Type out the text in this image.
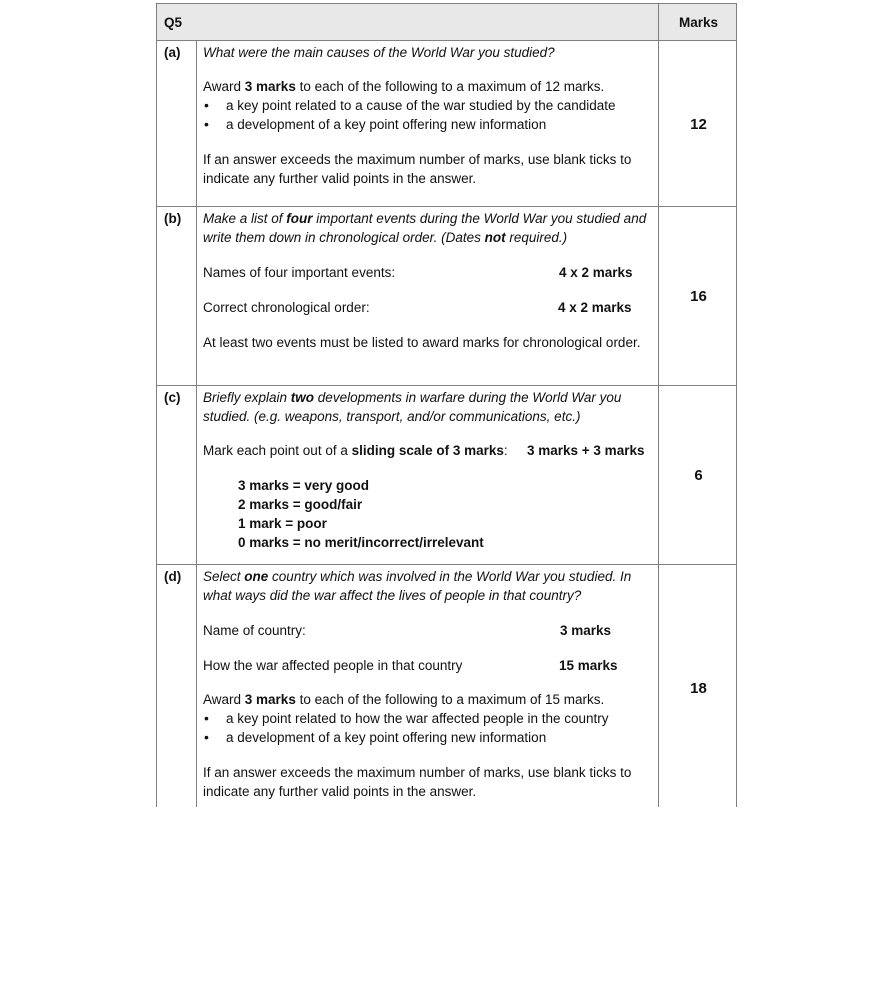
Q5	Marks
(a) What were the main causes of the World War you studied?

Award 3 marks to each of the following to a maximum of 12 marks.

• a key point related to a cause of the war studied by the candidate

• a development of a key point offering new information

If an answer exceeds the maximum number of marks, use blank ticks to indicate any further valid points in the answer.

12
(b) Make a list of four important events during the World War you studied and write them down in chronological order. (Dates not required.)

Names of four important events:	4 x 2 marks
Correct chronological order:	4 x 2 marks

At least two events must be listed to award marks for chronological order.

16
(c) Briefly explain two developments in warfare during the World War you studied. (e.g. weapons, transport, and/or communications, etc.)

Mark each point out of a sliding scale of 3 marks: 3 marks + 3 marks

3 marks = very good

2 marks = good/fair

1 mark = poor

0 marks = no merit/incorrect/irrelevant

6
(d) Select one country which was involved in the World War you studied. In what ways did the war affect the lives of people in that country?

Name of country:	3 marks
How the war affected people in that country	15 marks

Award 3 marks to each of the following to a maximum of 15 marks.

• a key point related to how the war affected people in the country

• a development of a key point offering new information

If an answer exceeds the maximum number of marks, use blank ticks to indicate any further valid points in the answer.

18
